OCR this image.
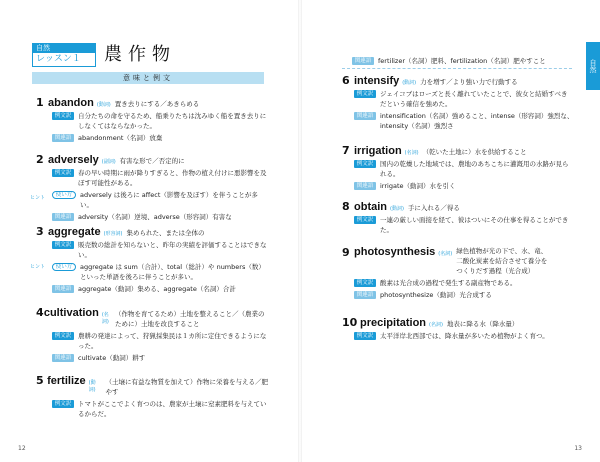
自然
レッスン１	農作物
意味と例文
1 abandon (動詞) 置き去りにする／あきらめる
例文訳	自分たちの命を守るため、船乗りたちは沈みゆく船を置き去りにしなくてはならなかった。
関連語	abandonment（名詞）放棄
2 adversely (副詞) 有害な形で／否定的に
例文訳	春の早い時期に雨が降りすぎると、作物の植え付けに悪影響を及ぼす可能性がある。
使い方	adversely は後ろに affect（影響を及ぼす）を伴うことが多い。
関連語	adversity（名詞）逆境、adverse（形容詞）有害な
ヒント
3 aggregate (形容詞) 集められた、または全体の
例文訳	販売数の総計を知らないと、昨年の実績を評価することはできない。
使い方	aggregate は sum（合計）、total（総計）や numbers（数）といった単語を後ろに伴うことが多い。
関連語	aggregate（動詞）集める、aggregate（名詞）合計
ヒント
4 cultivation (名詞)
（作物を育てるため）土地を整えること／（農業のために）土地を改良すること
例文訳	農耕の発達によって、狩猟採集民は１カ所に定住できるようになった。
関連語	cultivate（動詞）耕す
5 fertilize (動詞)
（土壌に有益な物質を加えて）作物に栄養を与える／肥やす
例文訳	トマトがここでよく育つのは、農家が土壌に窒素肥料を与えているからだ。
12
自然
関連語	fertilizer（名詞）肥料、fertilization（名詞）肥やすこと
6 intensify (動詞) 力を増す／より強い力で行動する
例文訳	ジェイコブはローズと長く離れていたことで、彼女と結婚すべきだという確信を強めた。
関連語	intensification（名詞）強めること、intense（形容詞）強烈な、intensity（名詞）強烈さ
7 irrigation (名詞) （乾いた土地に）水を供給すること
例文訳	国内の乾燥した地域では、農地のあちこちに灌漑用の水路が見られる。
関連語	irrigate（動詞）水を引く
8 obtain (動詞) 手に入れる／得る
例文訳	一連の厳しい面接を経て、彼はついにその仕事を得ることができた。
9 photosynthesis (名詞) 緑色植物が光の下で、水、竜、二酸化炭素を結合させて養分をつくりだす過程（光合成）
例文訳	酸素は光合成の過程で発生する副産物である。
関連語	photosynthesize（動詞）光合成する
10 precipitation (名詞) 地表に降る水（降水量）
例文訳	太平洋岸北西部では、降水量が多いため植物がよく育つ。
13
